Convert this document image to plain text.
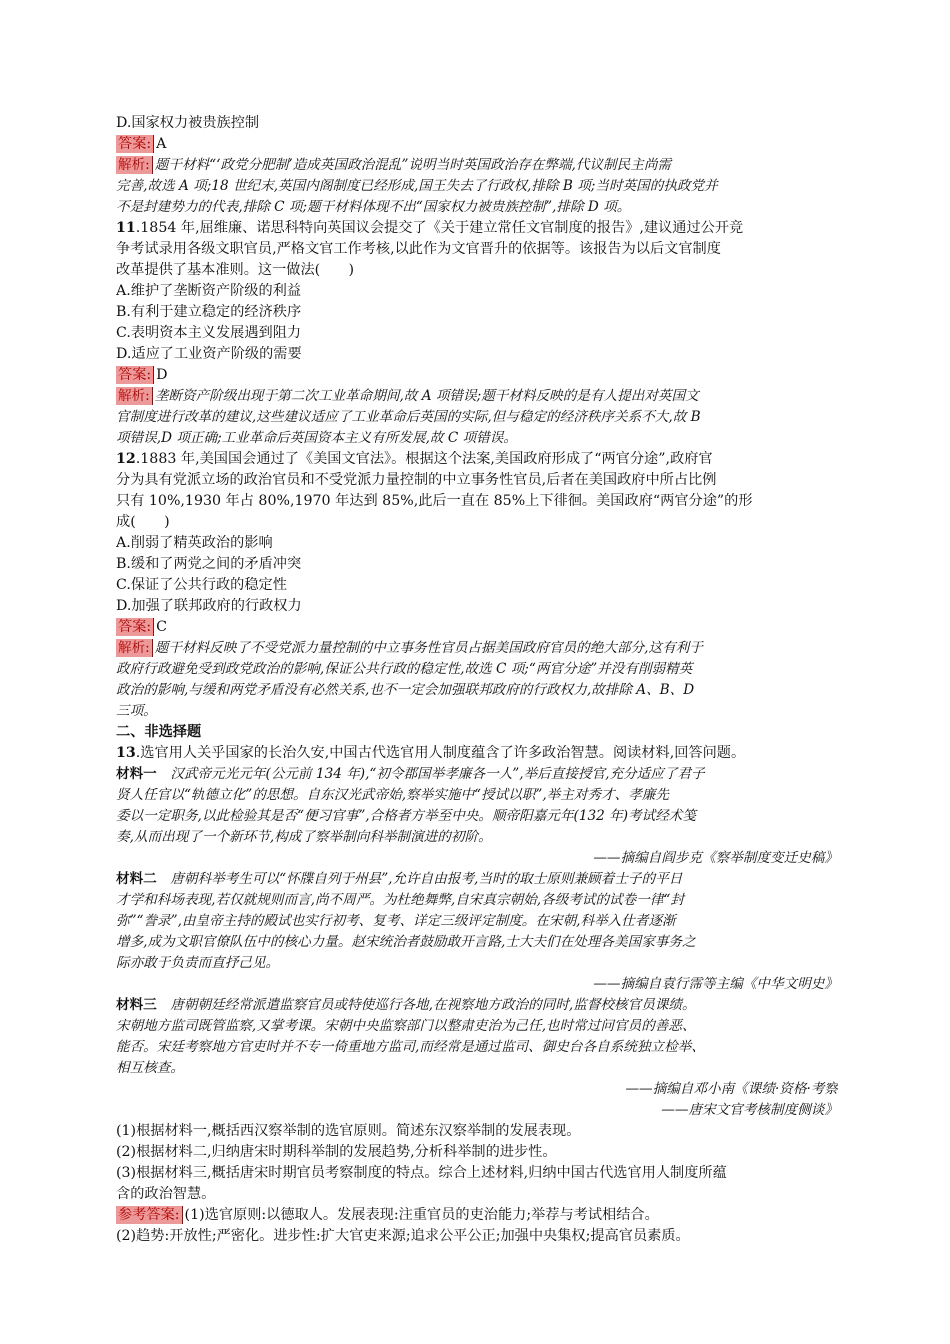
D.国家权力被贵族控制
答案: A
解析: 题干材料“‘政党分肥制’造成英国政治混乱”说明当时英国政治存在弊端,代议制民主尚需
完善,故选 A 项;18 世纪末,英国内阁制度已经形成,国王失去了行政权,排除 B 项;当时英国的执政党并
不是封建势力的代表,排除 C 项;题干材料体现不出“国家权力被贵族控制”,排除 D 项。
11.1854 年,屈维廉、诺思科特向英国议会提交了《关于建立常任文官制度的报告》,建议通过公开竞
争考试录用各级文职官员,严格文官工作考核,以此作为文官晋升的依据等。该报告为以后文官制度
改革提供了基本准则。这一做法(　　)
A.维护了垄断资产阶级的利益
B.有利于建立稳定的经济秩序
C.表明资本主义发展遇到阻力
D.适应了工业资产阶级的需要
答案: D
解析: 垄断资产阶级出现于第二次工业革命期间,故 A 项错误;题干材料反映的是有人提出对英国文
官制度进行改革的建议,这些建议适应了工业革命后英国的实际,但与稳定的经济秩序关系不大,故 B
项错误,D 项正确;工业革命后英国资本主义有所发展,故 C 项错误。
12.1883 年,美国国会通过了《美国文官法》。根据这个法案,美国政府形成了“两官分途”,政府官
分为具有党派立场的政治官员和不受党派力量控制的中立事务性官员,后者在美国政府中所占比例
只有 10%,1930 年占 80%,1970 年达到 85%,此后一直在 85%上下徘徊。美国政府“两官分途”的形
成(　　)
A.削弱了精英政治的影响
B.缓和了两党之间的矛盾冲突
C.保证了公共行政的稳定性
D.加强了联邦政府的行政权力
答案: C
解析: 题干材料反映了不受党派力量控制的中立事务性官员占据美国政府官员的绝大部分,这有利于
政府行政避免受到政党政治的影响,保证公共行政的稳定性,故选 C 项;“两官分途”并没有削弱精英
政治的影响,与缓和两党矛盾没有必然关系,也不一定会加强联邦政府的行政权力,故排除 A、B、D
三项。
二、非选择题
13.选官用人关乎国家的长治久安,中国古代选官用人制度蕴含了许多政治智慧。阅读材料,回答问题。
材料一　汉武帝元光元年(公元前 134 年),“初令郡国举孝廉各一人”,举后直接授官,充分适应了君子
贤人任官以“轨德立化”的思想。自东汉光武帝始,察举实施中“授试以职”,举主对秀才、孝廉先
委以一定职务,以此检验其是否“便习官事”,合格者方举至中央。顺帝阳嘉元年(132 年)考试经术笺
奏,从而出现了一个新环节,构成了察举制向科举制演进的初阶。
——摘编自阎步克《察举制度变迁史稿》
材料二　唐朝科举考生可以“怀牒自列于州县”,允许自由报考,当时的取士原则兼顾着士子的平日
才学和科场表现,若仅就规则而言,尚不周严。为杜绝舞弊,自宋真宗朝始,各级考试的试卷一律“封
弥”“誊录”,由皇帝主持的殿试也实行初考、复考、详定三级评定制度。在宋朝,科举入仕者逐渐
增多,成为文职官僚队伍中的核心力量。赵宋统治者鼓励敢开言路,士大夫们在处理各美国家事务之
际亦敢于负责而直抒己见。
——摘编自袁行霈等主编《中华文明史》
材料三　唐朝朝廷经常派遣监察官员或特使巡行各地,在视察地方政治的同时,监督校核官员课绩。
宋朝地方监司既管监察,又掌考课。宋朝中央监察部门以整肃吏治为己任,也时常过问官员的善恶、
能否。宋廷考察地方官吏时并不专一倚重地方监司,而经常是通过监司、御史台各自系统独立检举、
相互核查。
——摘编自邓小南《课绩·资格·考察
——唐宋文官考核制度侧谈》
(1)根据材料一,概括西汉察举制的选官原则。简述东汉察举制的发展表现。
(2)根据材料二,归纳唐宋时期科举制的发展趋势,分析科举制的进步性。
(3)根据材料三,概括唐宋时期官员考察制度的特点。综合上述材料,归纳中国古代选官用人制度所蕴
含的政治智慧。
参考答案: (1)选官原则:以德取人。发展表现:注重官员的吏治能力;举荐与考试相结合。
(2)趋势:开放性;严密化。进步性:扩大官吏来源;追求公平公正;加强中央集权;提高官员素质。
